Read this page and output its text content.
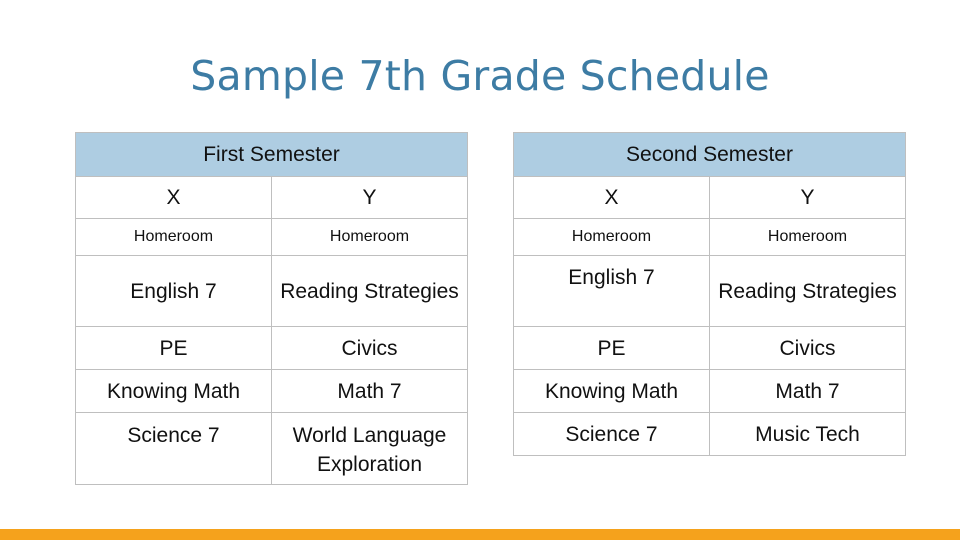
Sample 7th Grade Schedule
First Semester	
X	Y
Homeroom	Homeroom
English 7	Reading Strategies
PE	Civics
Knowing Math	Math 7
Science 7	World Language Exploration
Second Semester	
X	Y
Homeroom	Homeroom
English 7	Reading Strategies
PE	Civics
Knowing Math	Math 7
Science 7	Music Tech
